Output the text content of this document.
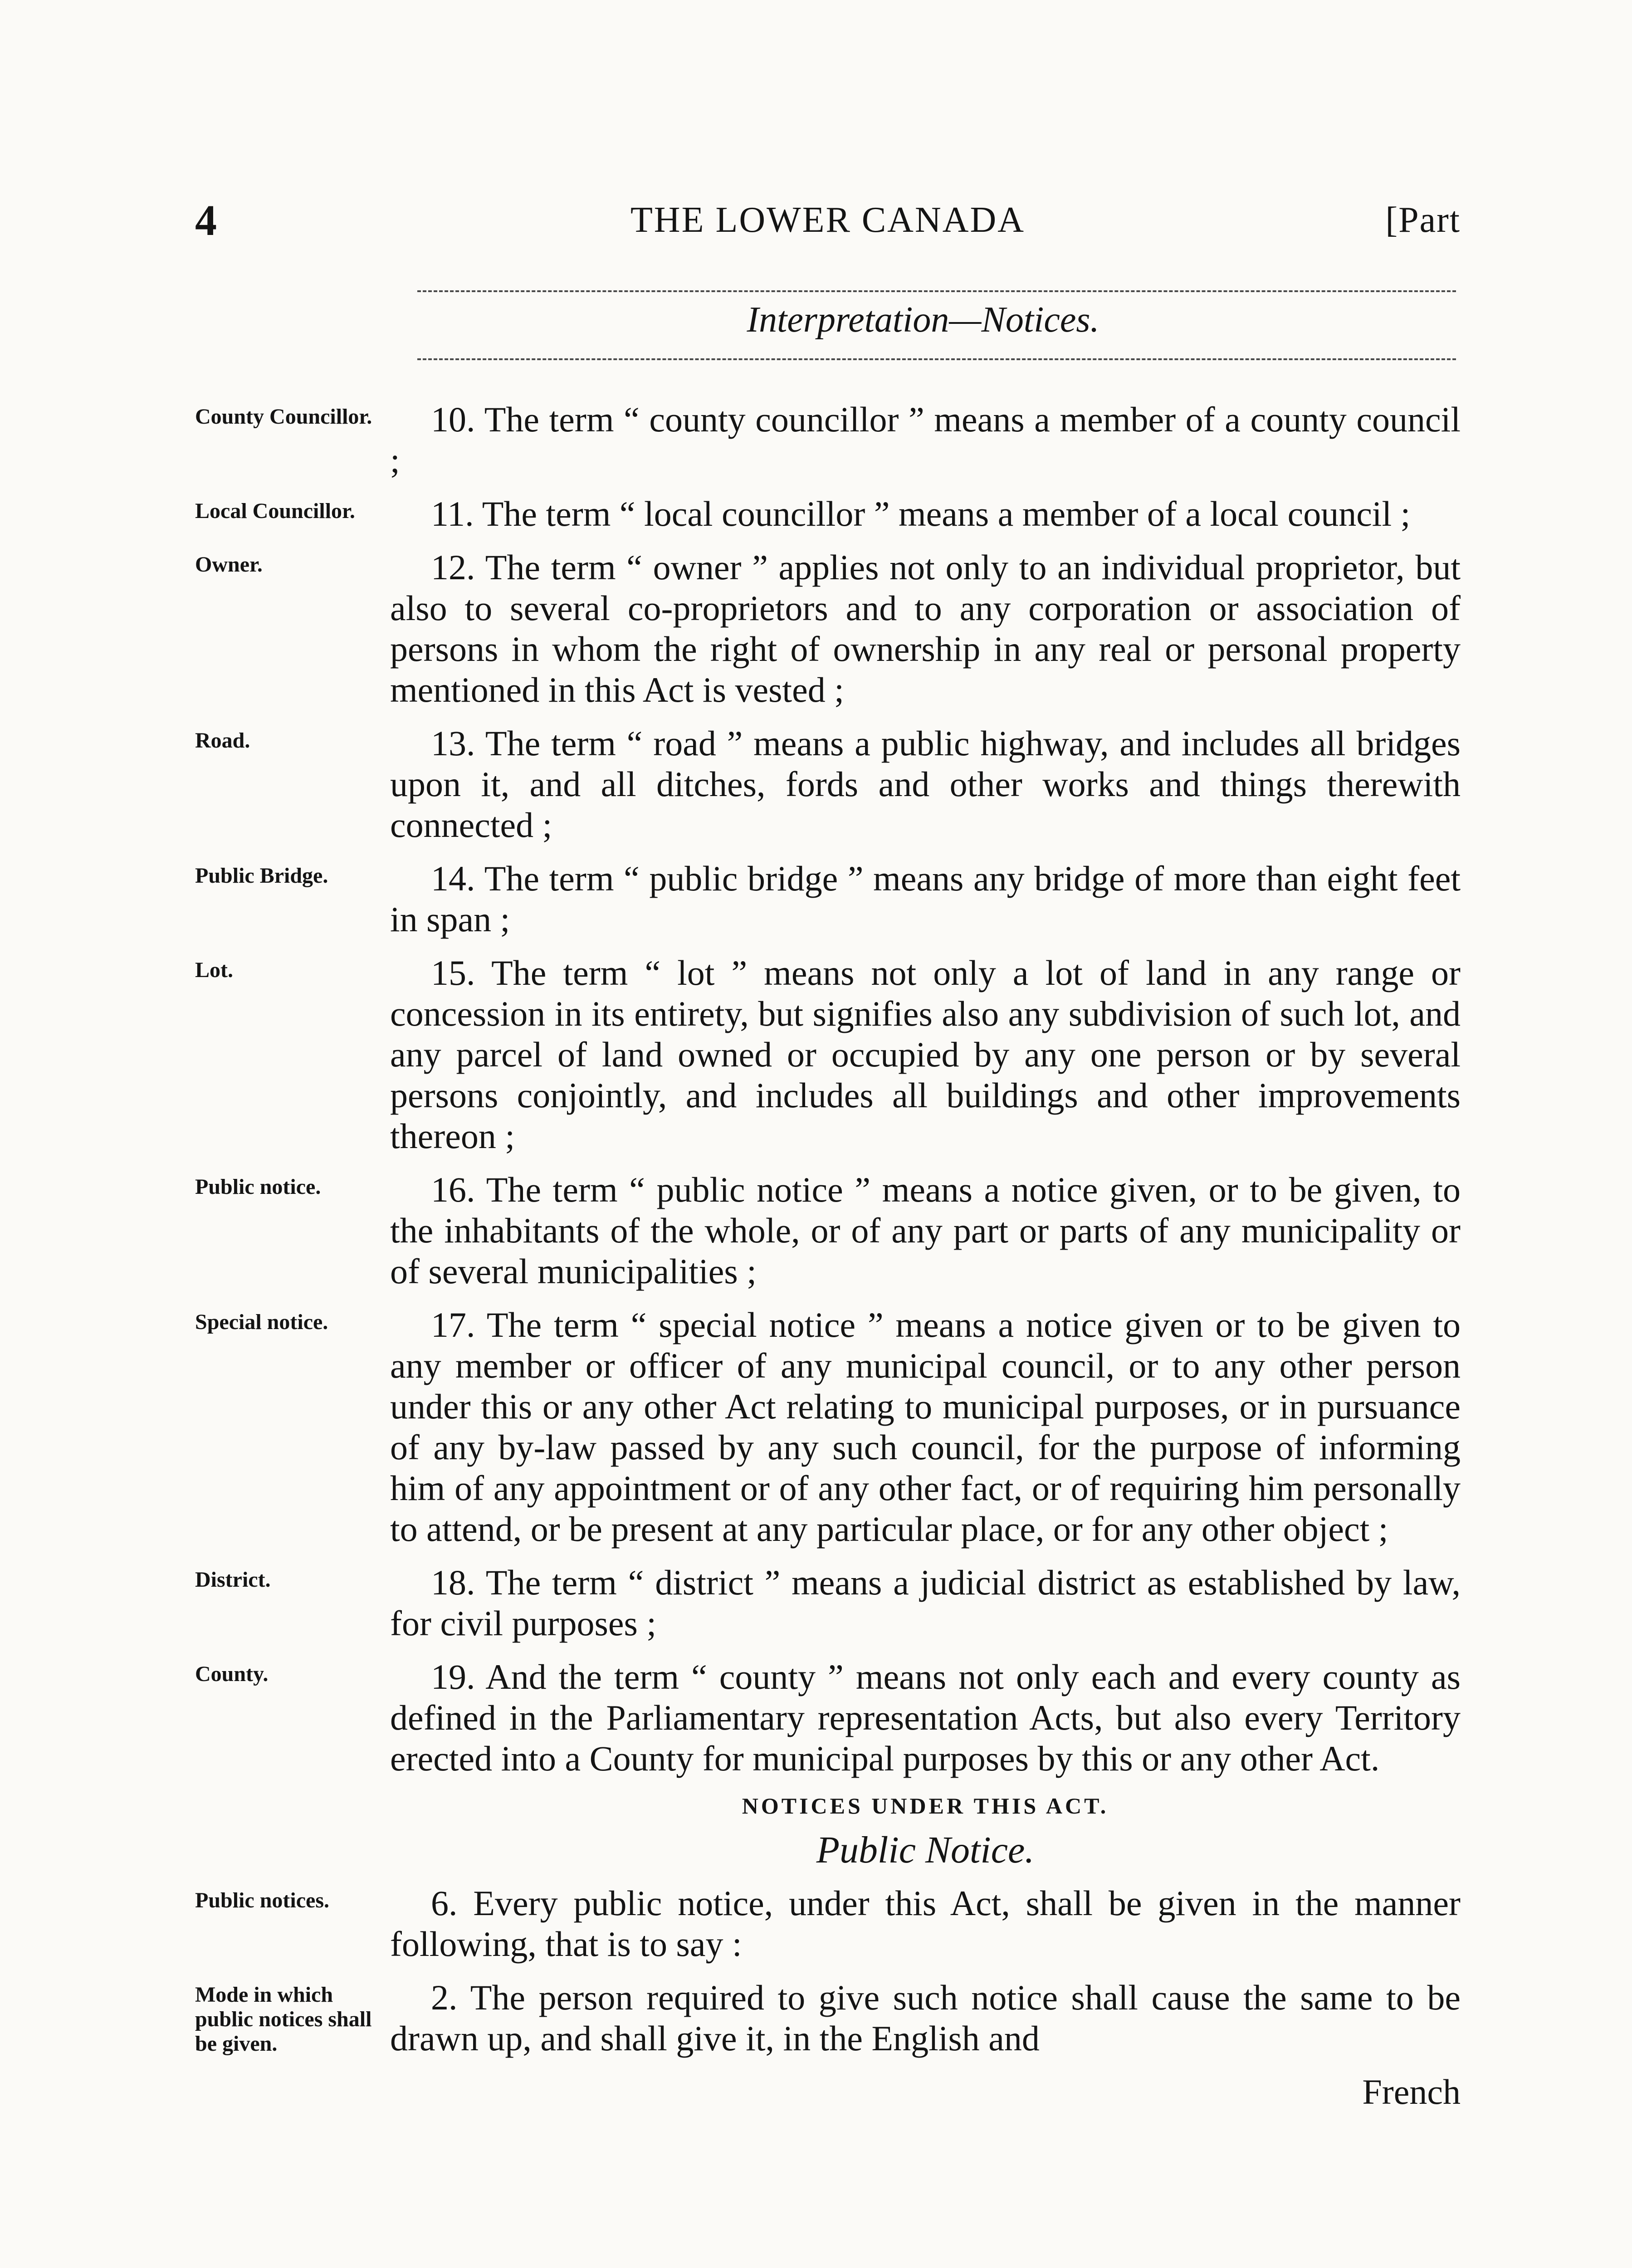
4	THE LOWER CANADA	[Part
Interpretation—Notices.
County Councillor.	10. The term “ county councillor ” means a member of a county council ;
Local Councillor.	11. The term “ local councillor ” means a member of a local council ;
Owner.	12. The term “ owner ” applies not only to an individual proprietor, but also to several co-proprietors and to any corporation or association of persons in whom the right of ownership in any real or personal property mentioned in this Act is vested ;
Road.	13. The term “ road ” means a public highway, and includes all bridges upon it, and all ditches, fords and other works and things therewith connected ;
Public Bridge.	14. The term “ public bridge ” means any bridge of more than eight feet in span ;
Lot.	15. The term “ lot ” means not only a lot of land in any range or concession in its entirety, but signifies also any subdivision of such lot, and any parcel of land owned or occupied by any one person or by several persons conjointly, and includes all buildings and other improvements thereon ;
Public notice.	16. The term “ public notice ” means a notice given, or to be given, to the inhabitants of the whole, or of any part or parts of any municipality or of several municipalities ;
Special notice.	17. The term “ special notice ” means a notice given or to be given to any member or officer of any municipal council, or to any other person under this or any other Act relating to municipal purposes, or in pursuance of any by-law passed by any such council, for the purpose of informing him of any appointment or of any other fact, or of requiring him personally to attend, or be present at any particular place, or for any other object ;
District.	18. The term “ district ” means a judicial district as established by law, for civil purposes ;
County.	19. And the term “ county ” means not only each and every county as defined in the Parliamentary representation Acts, but also every Territory erected into a County for municipal purposes by this or any other Act.
NOTICES UNDER THIS ACT.
Public Notice.
Public notices.	6. Every public notice, under this Act, shall be given in the manner following, that is to say :
Mode in which public notices shall be given.
2. The person required to give such notice shall cause the same to be drawn up, and shall give it, in the English and
French
